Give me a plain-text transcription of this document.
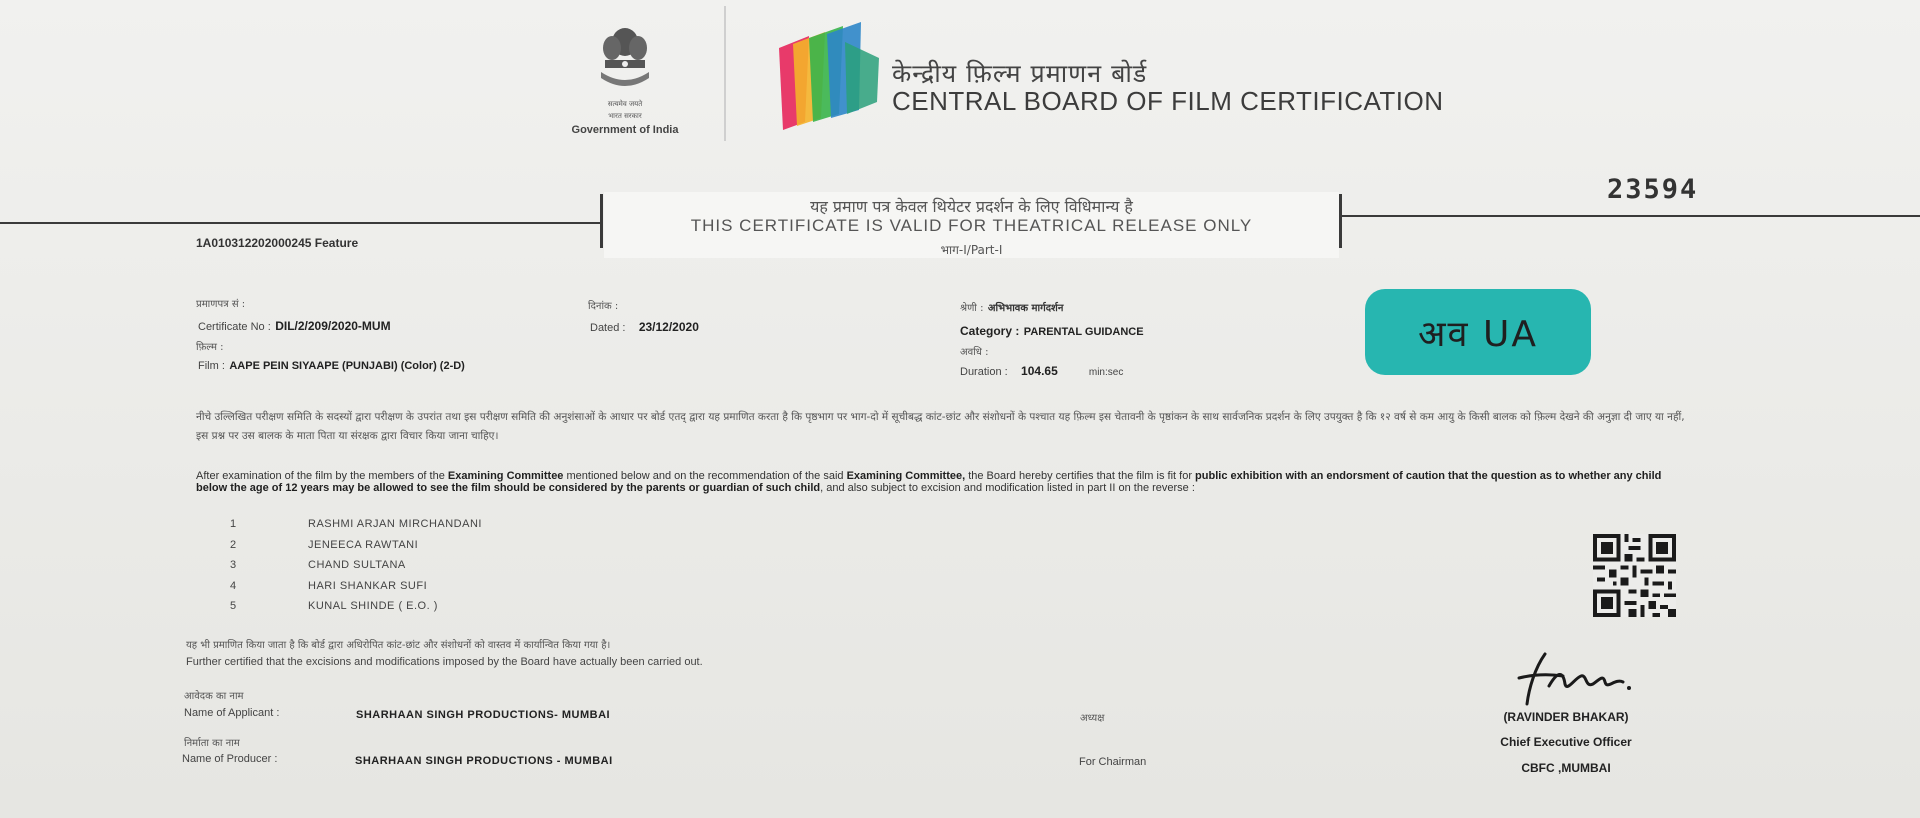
सत्यमेव जयते
भारत सरकार
Government of India
केन्द्रीय फ़िल्म प्रमाणन बोर्ड
CENTRAL BOARD OF FILM CERTIFICATION
23594
यह प्रमाण पत्र केवल थियेटर प्रदर्शन के लिए विधिमान्य है
THIS CERTIFICATE IS VALID FOR THEATRICAL RELEASE ONLY
भाग-I/Part-I
1A010312202000245 Feature
प्रमाणपत्र सं :
Certificate No : DIL/2/209/2020-MUM
दिनांक :
Dated : 23/12/2020
श्रेणी : अभिभावक मार्गदर्शन
Category : PARENTAL GUIDANCE
फ़िल्म :
Film : AAPE PEIN SIYAAPE (PUNJABI) (Color) (2-D)
अवधि :
Duration : 104.65	min:sec
अव UA
नीचे उल्लिखित परीक्षण समिति के सदस्यों द्वारा परीक्षण के उपरांत तथा इस परीक्षण समिति की अनुशंसाओं के आधार पर बोर्ड एतद् द्वारा यह प्रमाणित करता है कि पृष्ठभाग पर भाग-दो में सूचीबद्ध कांट-छांट और संशोधनों के पश्चात यह फ़िल्म इस चेतावनी के पृष्ठांकन के साथ सार्वजनिक प्रदर्शन के लिए उपयुक्त है कि १२ वर्ष से कम आयु के किसी बालक को फ़िल्म देखने की अनुज्ञा दी जाए या नहीं, इस प्रश्न पर उस बालक के माता पिता या संरक्षक द्वारा विचार किया जाना चाहिए।
After examination of the film by the members of the Examining Committee mentioned below and on the recommendation of the said Examining Committee, the Board hereby certifies that the film is fit for public exhibition with an endorsment of caution that the question as to whether any child below the age of 12 years may be allowed to see the film should be considered by the parents or guardian of such child, and also subject to excision and modification listed in part II on the reverse :
1	RASHMI ARJAN MIRCHANDANI
2	JENEECA RAWTANI
3	CHAND SULTANA
4	HARI SHANKAR SUFI
5	KUNAL SHINDE ( E.O. )
यह भी प्रमाणित किया जाता है कि बोर्ड द्वारा अधिरोपित कांट-छांट और संशोधनों को वास्तव में कार्यान्वित किया गया है।
Further certified that the excisions and modifications imposed by the Board have actually been carried out.
आवेदक का नाम
Name of Applicant :	SHARHAAN SINGH PRODUCTIONS- MUMBAI
निर्माता का नाम
Name of Producer :	SHARHAAN SINGH PRODUCTIONS - MUMBAI
अध्यक्ष
For Chairman
(RAVINDER BHAKAR)
Chief Executive Officer
CBFC ,MUMBAI
